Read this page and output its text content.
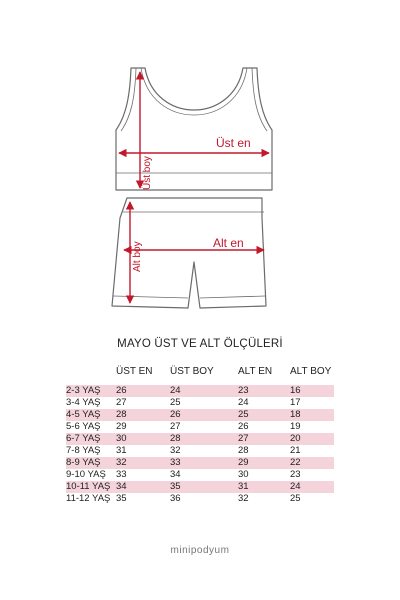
Üst en
Üst boy
Alt en
Alt boy
MAYO ÜST VE ALT ÖLÇÜLERİ
	ÜST EN	ÜST BOY	ALT EN	ALT BOY

2-3 YAŞ	26	24	23	16
3-4 YAŞ	27	25	24	17
4-5 YAŞ	28	26	25	18
5-6 YAŞ	29	27	26	19
6-7 YAŞ	30	28	27	20
7-8 YAŞ	31	32	28	21
8-9 YAŞ	32	33	29	22
9-10 YAŞ	33	34	30	23
10-11 YAŞ	34	35	31	24
11-12 YAŞ	35	36	32	25
minipodyum
